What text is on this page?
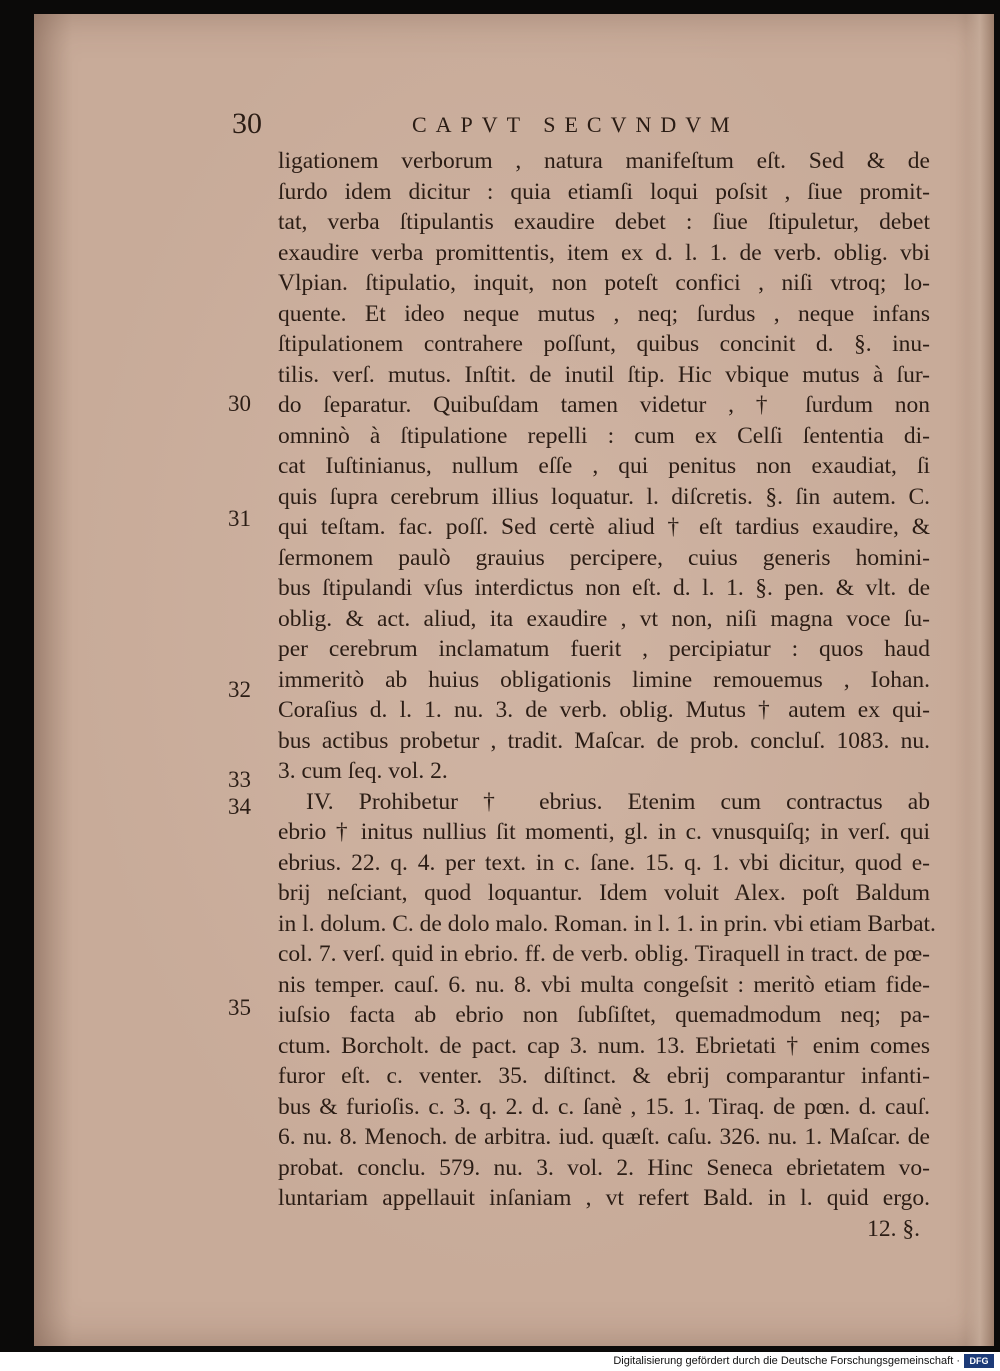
30	CAPVT SECVNDVM
ligationem verborum , natura manifeſtum eſt. Sed & de
ſurdo idem dicitur : quia etiamſi loqui poſsit , ſiue promit-
tat, verba ſtipulantis exaudire debet : ſiue ſtipuletur, debet
exaudire verba promittentis, item ex d. l. 1. de verb. oblig. vbi
Vlpian. ſtipulatio, inquit, non poteſt confici , niſi vtroq; lo-
quente. Et ideo neque mutus , neq; ſurdus , neque infans
ſtipulationem contrahere poſſunt, quibus concinit d. §. inu-
tilis. verſ. mutus. Inſtit. de inutil ſtip. Hic vbique mutus à ſur-
do ſeparatur. Quibuſdam tamen videtur , † ſurdum non
omninò à ſtipulatione repelli : cum ex Celſi ſententia di-
cat Iuſtinianus, nullum eſſe , qui penitus non exaudiat, ſi
quis ſupra cerebrum illius loquatur. l. diſcretis. §. ſin autem. C.
qui teſtam. fac. poſſ. Sed certè aliud † eſt tardius exaudire, &
ſermonem paulò grauius percipere, cuius generis homini-
bus ſtipulandi vſus interdictus non eſt. d. l. 1. §. pen. & vlt. de
oblig. & act. aliud, ita exaudire , vt non, niſi magna voce ſu-
per cerebrum inclamatum fuerit , percipiatur : quos haud
immeritò ab huius obligationis limine remouemus , Iohan.
Coraſius d. l. 1. nu. 3. de verb. oblig. Mutus † autem ex qui-
bus actibus probetur , tradit. Maſcar. de prob. concluſ. 1083. nu.
3. cum ſeq. vol. 2.
IV. Prohibetur † ebrius. Etenim cum contractus ab
ebrio † initus nullius ſit momenti, gl. in c. vnusquiſq; in verſ. qui
ebrius. 22. q. 4. per text. in c. ſane. 15. q. 1. vbi dicitur, quod e-
brij neſciant, quod loquantur. Idem voluit Alex. poſt Baldum
in l. dolum. C. de dolo malo. Roman. in l. 1. in prin. vbi etiam Barbat.
col. 7. verſ. quid in ebrio. ff. de verb. oblig. Tiraquell in tract. de pœ-
nis temper. cauſ. 6. nu. 8. vbi multa congeſsit : meritò etiam fide-
iuſsio facta ab ebrio non ſubſiſtet, quemadmodum neq; pa-
ctum. Borcholt. de pact. cap 3. num. 13. Ebrietati † enim comes
furor eſt. c. venter. 35. diſtinct. & ebrij comparantur infanti-
bus & furioſis. c. 3. q. 2. d. c. ſanè , 15. 1. Tiraq. de pœn. d. cauſ.
6. nu. 8. Menoch. de arbitra. iud. quæſt. caſu. 326. nu. 1. Maſcar. de
probat. conclu. 579. nu. 3. vol. 2. Hinc Seneca ebrietatem vo-
luntariam appellauit inſaniam , vt refert Bald. in l. quid ergo.
12. §.
30
31
32
33
34
35
Digitalisierung gefördert durch die Deutsche Forschungsgemeinschaft ·	DFG
